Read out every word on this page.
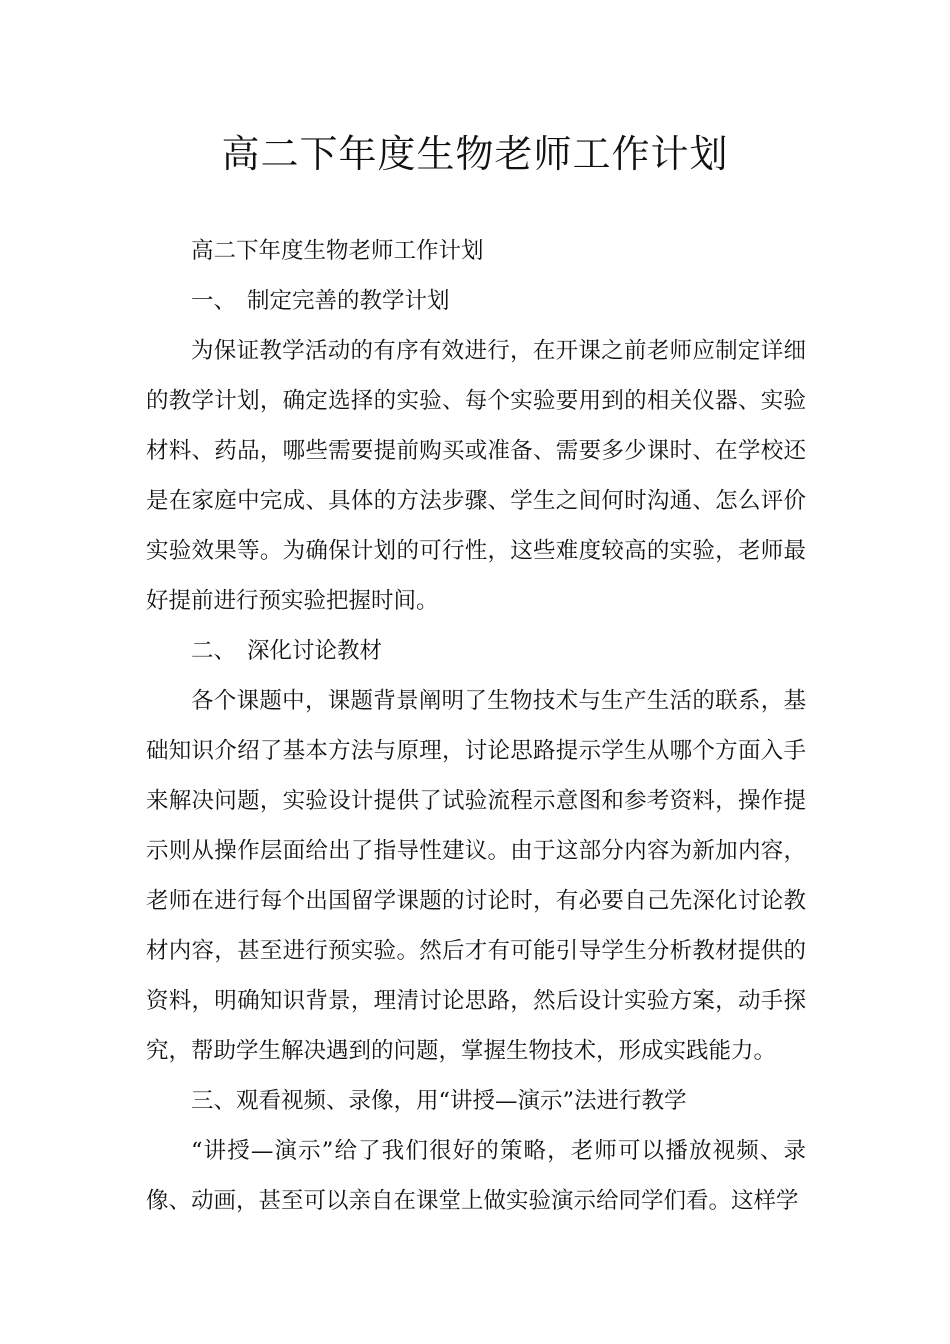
高二下年度生物老师工作计划

高二下年度生物老师工作计划

一、 制定完善的教学计划

为保证教学活动的有序有效进行，在开课之前老师应制定详细的教学计划，确定选择的实验、每个实验要用到的相关仪器、实验材料、药品，哪些需要提前购买或准备、需要多少课时、在学校还是在家庭中完成、具体的方法步骤、学生之间何时沟通、怎么评价实验效果等。为确保计划的可行性，这些难度较高的实验，老师最好提前进行预实验把握时间。

二、 深化讨论教材

各个课题中，课题背景阐明了生物技术与生产生活的联系，基础知识介绍了基本方法与原理，讨论思路提示学生从哪个方面入手来解决问题，实验设计提供了试验流程示意图和参考资料，操作提示则从操作层面给出了指导性建议。由于这部分内容为新加内容，老师在进行每个出国留学课题的讨论时，有必要自己先深化讨论教材内容，甚至进行预实验。然后才有可能引导学生分析教材提供的资料，明确知识背景，理清讨论思路，然后设计实验方案，动手探究，帮助学生解决遇到的问题，掌握生物技术，形成实践能力。

三、观看视频、录像，用“讲授—演示”法进行教学

“讲授—演示”给了我们很好的策略，老师可以播放视频、录像、动画，甚至可以亲自在课堂上做实验演示给同学们看。这样学
